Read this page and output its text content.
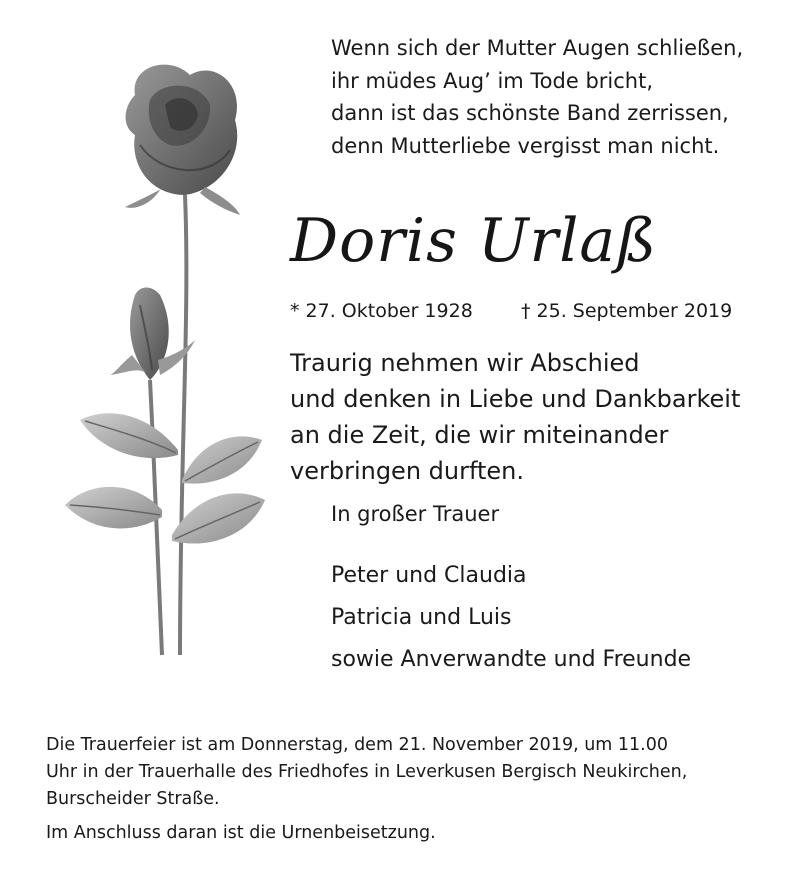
Wenn sich der Mutter Augen schließen,
ihr müdes Aug’ im Tode bricht,
dann ist das schönste Band zerrissen,
denn Mutterliebe vergisst man nicht.
Doris Urlaß
* 27. Oktober 1928	† 25. September 2019
Traurig nehmen wir Abschied
und denken in Liebe und Dankbarkeit
an die Zeit, die wir miteinander
verbringen durften.
In großer Trauer
Peter und Claudia
Patricia und Luis
sowie Anverwandte und Freunde
Die Trauerfeier ist am Donnerstag, dem 21. November 2019, um 11.00
Uhr in der Trauerhalle des Friedhofes in Leverkusen Bergisch Neukirchen,
Burscheider Straße.
Im Anschluss daran ist die Urnenbeisetzung.
